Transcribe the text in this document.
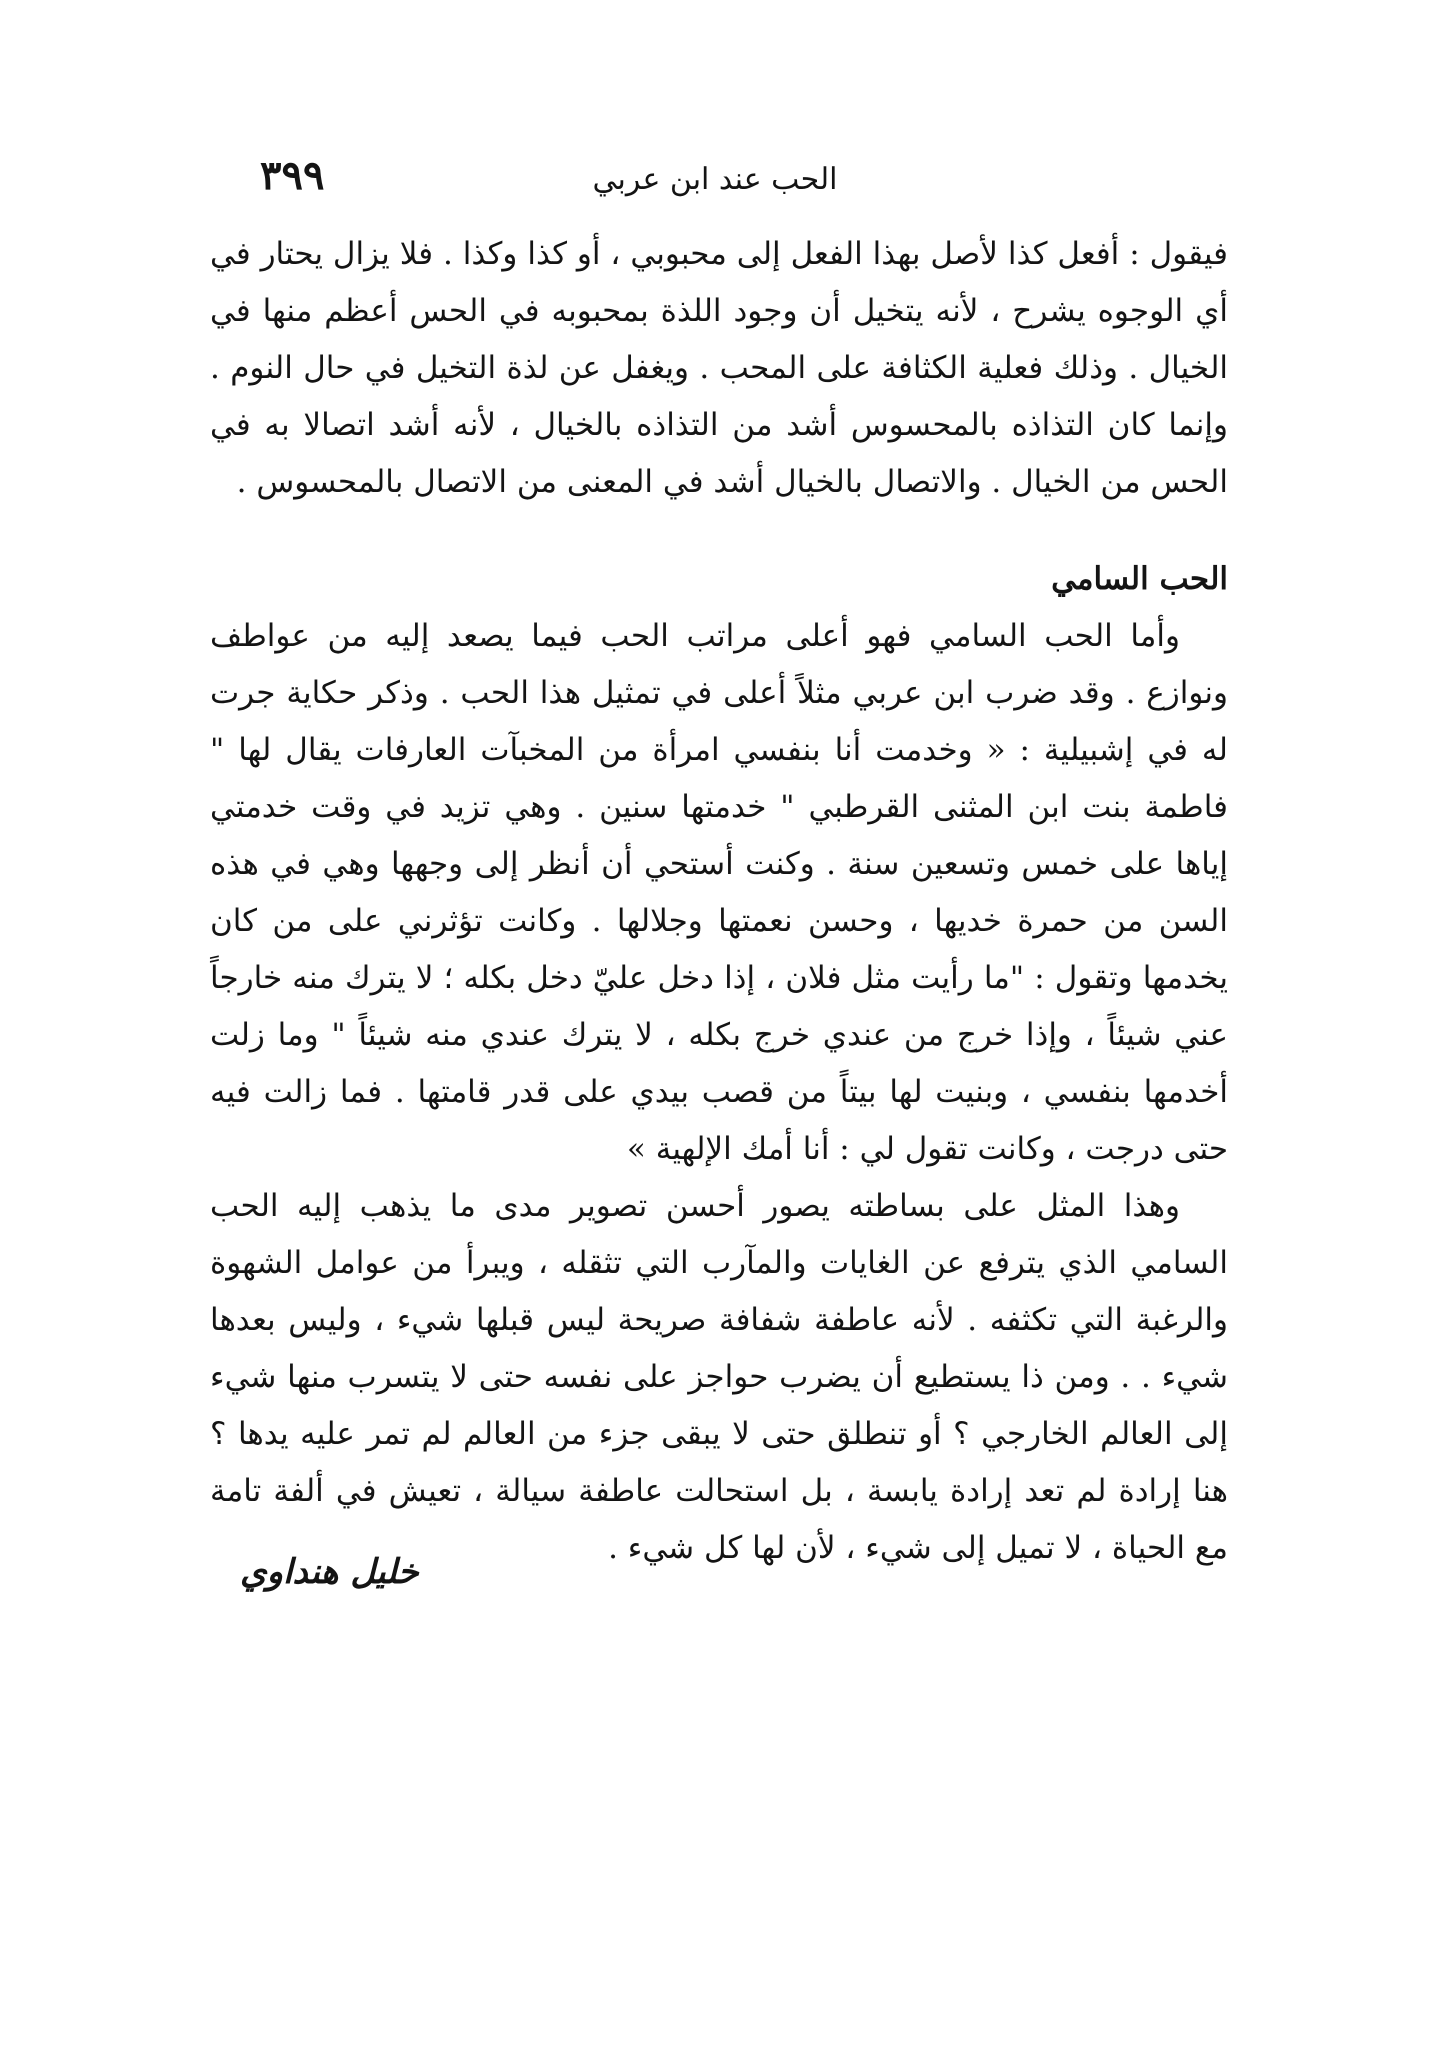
٣٩٩	الحب عند ابن عربي

فيقول : أفعل كذا لأصل بهذا الفعل إلى محبوبي ، أو كذا وكذا . فلا يزال يحتار في أي الوجوه يشرح ، لأنه يتخيل أن وجود اللذة بمحبوبه في الحس أعظم منها في الخيال . وذلك فعلية الكثافة على المحب . ويغفل عن لذة التخيل في حال النوم . وإنما كان التذاذه بالمحسوس أشد من التذاذه بالخيال ، لأنه أشد اتصالا به في الحس من الخيال . والاتصال بالخيال أشد في المعنى من الاتصال بالمحسوس .

الحب السامي

وأما الحب السامي فهو أعلى مراتب الحب فيما يصعد إليه من عواطف ونوازع . وقد ضرب ابن عربي مثلاً أعلى في تمثيل هذا الحب . وذكر حكاية جرت له في إشبيلية : « وخدمت أنا بنفسي امرأة من المخبآت العارفات يقال لها " فاطمة بنت ابن المثنى القرطبي " خدمتها سنين . وهي تزيد في وقت خدمتي إياها على خمس وتسعين سنة . وكنت أستحي أن أنظر إلى وجهها وهي في هذه السن من حمرة خديها ، وحسن نعمتها وجلالها . وكانت تؤثرني على من كان يخدمها وتقول : "ما رأيت مثل فلان ، إذا دخل عليّ دخل بكله ؛ لا يترك منه خارجاً عني شيئاً ، وإذا خرج من عندي خرج بكله ، لا يترك عندي منه شيئاً " وما زلت أخدمها بنفسي ، وبنيت لها بيتاً من قصب بيدي على قدر قامتها . فما زالت فيه حتى درجت ، وكانت تقول لي : أنا أمك الإلهية »

وهذا المثل على بساطته يصور أحسن تصوير مدى ما يذهب إليه الحب السامي الذي يترفع عن الغايات والمآرب التي تثقله ، ويبرأ من عوامل الشهوة والرغبة التي تكثفه . لأنه عاطفة شفافة صريحة ليس قبلها شيء ، وليس بعدها شيء . . ومن ذا يستطيع أن يضرب حواجز على نفسه حتى لا يتسرب منها شيء إلى العالم الخارجي ؟ أو تنطلق حتى لا يبقى جزء من العالم لم تمر عليه يدها ؟ هنا إرادة لم تعد إرادة يابسة ، بل استحالت عاطفة سيالة ، تعيش في ألفة تامة مع الحياة ، لا تميل إلى شيء ، لأن لها كل شيء .

خليل هنداوي
